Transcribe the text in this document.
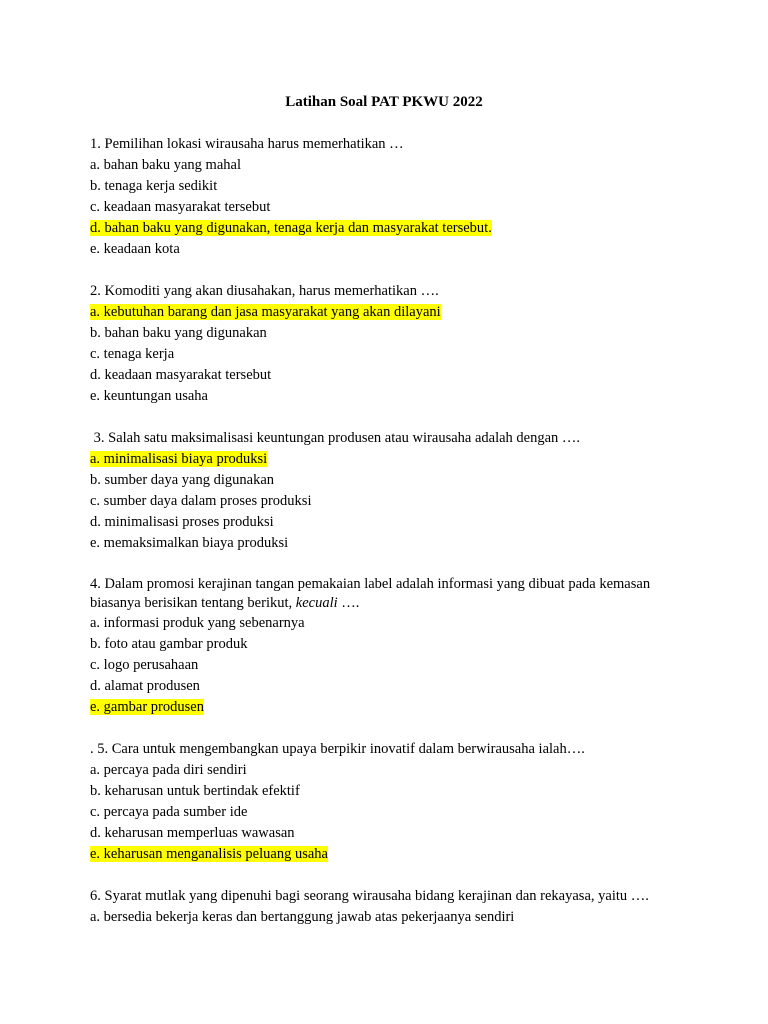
Latihan Soal PAT PKWU 2022
1. Pemilihan lokasi wirausaha harus memerhatikan …
a. bahan baku yang mahal
b. tenaga kerja sedikit
c. keadaan masyarakat tersebut
d. bahan baku yang digunakan, tenaga kerja dan masyarakat tersebut.
e. keadaan kota
2. Komoditi yang akan diusahakan, harus memerhatikan ….
a. kebutuhan barang dan jasa masyarakat yang akan dilayani
b. bahan baku yang digunakan
c. tenaga kerja
d. keadaan masyarakat tersebut
e. keuntungan usaha
3. Salah satu maksimalisasi keuntungan produsen atau wirausaha adalah dengan ….
a. minimalisasi biaya produksi
b. sumber daya yang digunakan
c. sumber daya dalam proses produksi
d. minimalisasi proses produksi
e. memaksimalkan biaya produksi
4. Dalam promosi kerajinan tangan pemakaian label adalah informasi yang dibuat pada kemasan
biasanya berisikan tentang berikut, kecuali ….
a. informasi produk yang sebenarnya
b. foto atau gambar produk
c. logo perusahaan
d. alamat produsen
e. gambar produsen
. 5. Cara untuk mengembangkan upaya berpikir inovatif dalam berwirausaha ialah….
a. percaya pada diri sendiri
b. keharusan untuk bertindak efektif
c. percaya pada sumber ide
d. keharusan memperluas wawasan
e. keharusan menganalisis peluang usaha
6. Syarat mutlak yang dipenuhi bagi seorang wirausaha bidang kerajinan dan rekayasa, yaitu ….
a. bersedia bekerja keras dan bertanggung jawab atas pekerjaanya sendiri
